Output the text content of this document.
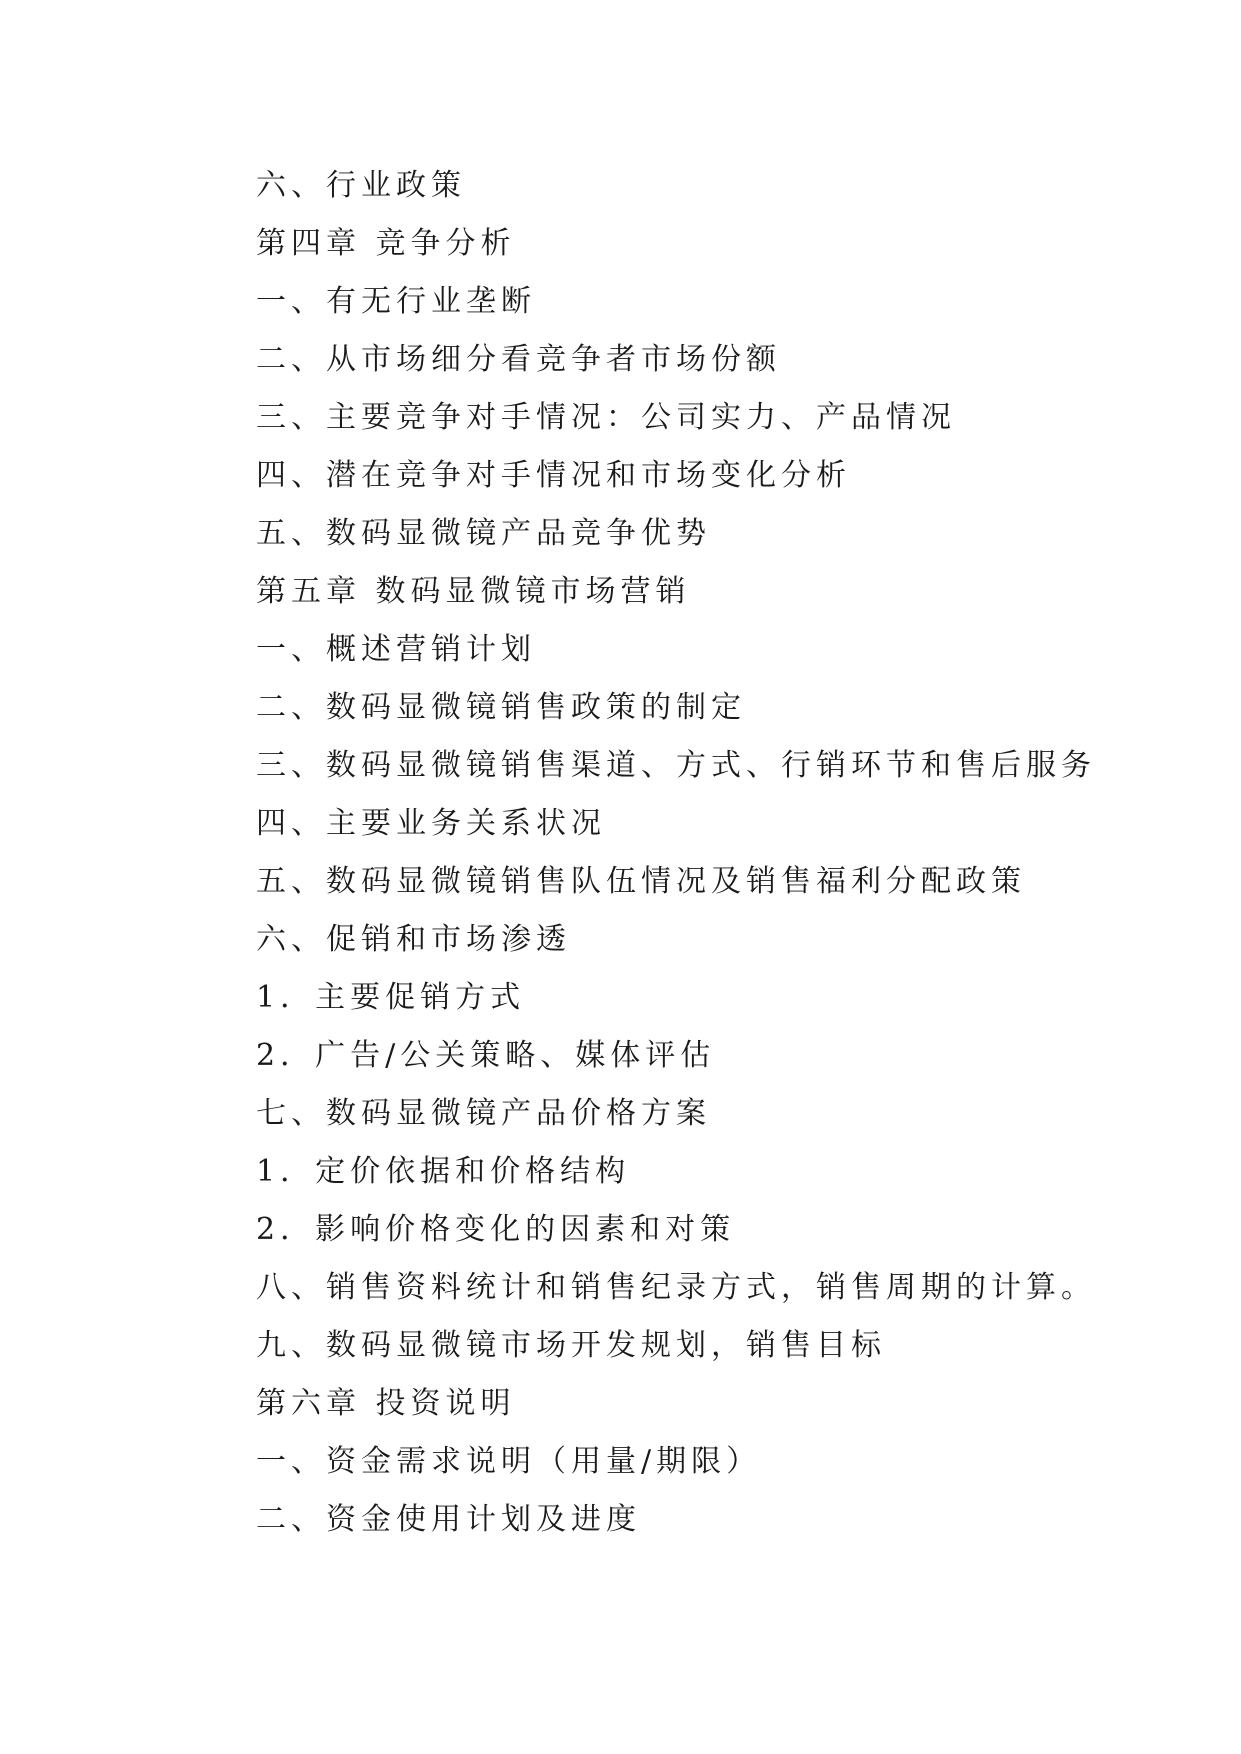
六、行业政策
第四章 竞争分析
一、有无行业垄断
二、从市场细分看竞争者市场份额
三、主要竞争对手情况：公司实力、产品情况
四、潜在竞争对手情况和市场变化分析
五、数码显微镜产品竞争优势
第五章 数码显微镜市场营销
一、概述营销计划
二、数码显微镜销售政策的制定
三、数码显微镜销售渠道、方式、行销环节和售后服务
四、主要业务关系状况
五、数码显微镜销售队伍情况及销售福利分配政策
六、促销和市场渗透
1．主要促销方式
2．广告/公关策略、媒体评估
七、数码显微镜产品价格方案
1．定价依据和价格结构
2．影响价格变化的因素和对策
八、销售资料统计和销售纪录方式，销售周期的计算。
九、数码显微镜市场开发规划，销售目标
第六章 投资说明
一、资金需求说明（用量/期限）
二、资金使用计划及进度
